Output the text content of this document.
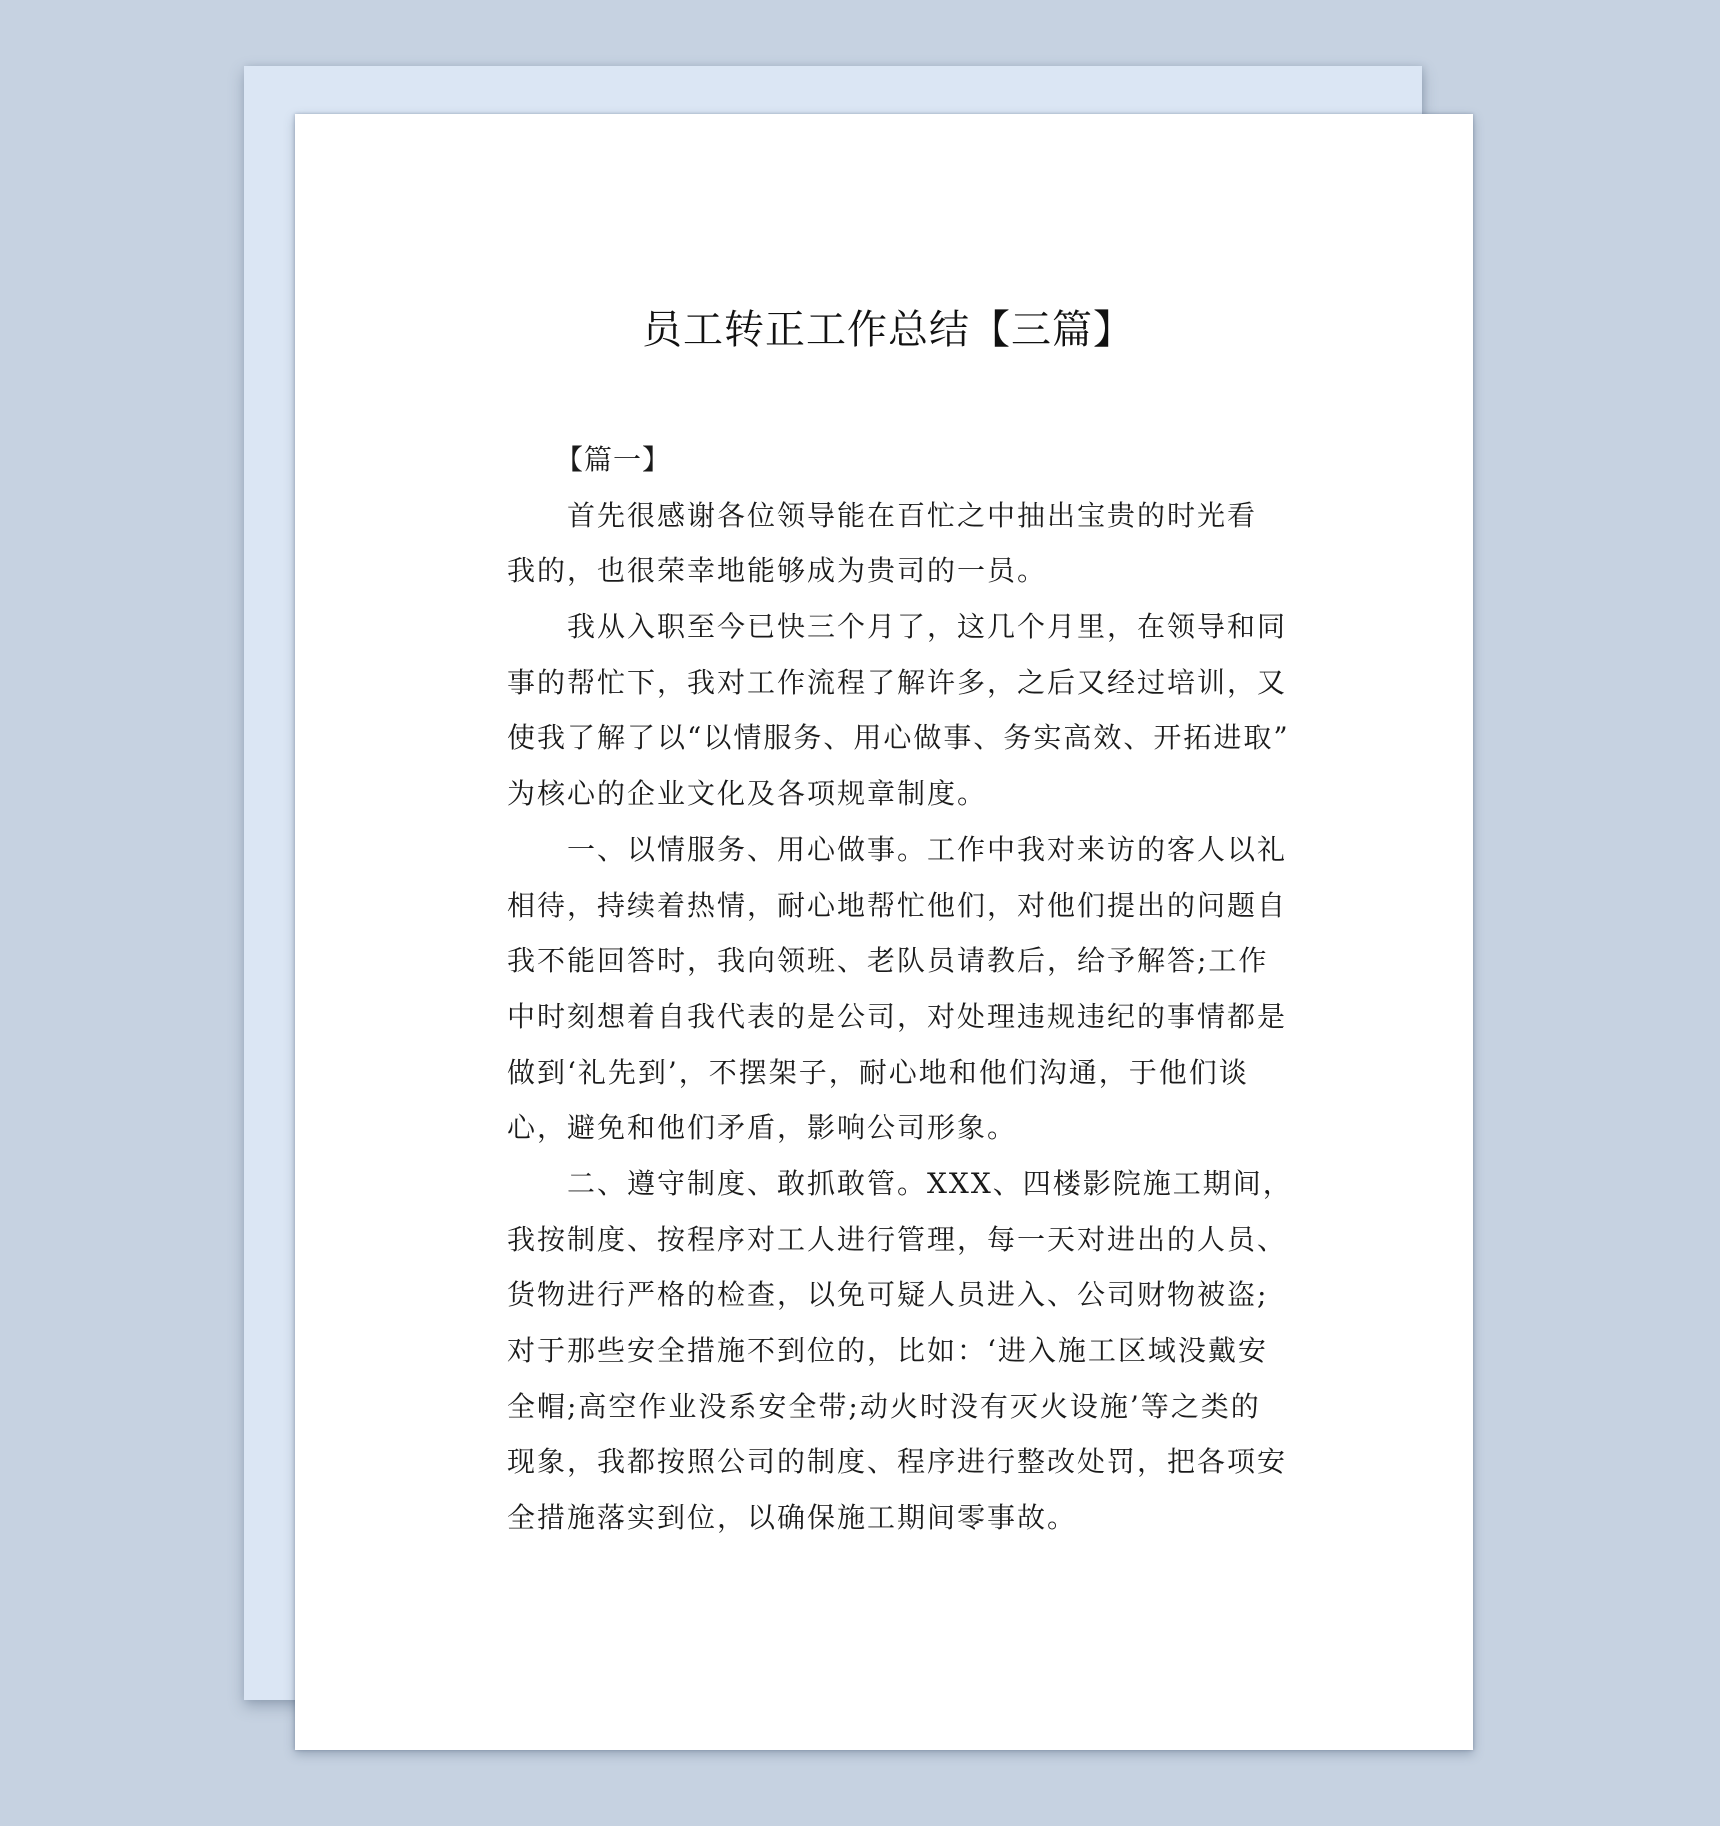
员工转正工作总结【三篇】
【篇一】
首先很感谢各位领导能在百忙之中抽出宝贵的时光看
我的，也很荣幸地能够成为贵司的一员。
我从入职至今已快三个月了，这几个月里，在领导和同
事的帮忙下，我对工作流程了解许多，之后又经过培训，又
使我了解了以“以情服务、用心做事、务实高效、开拓进取”
为核心的企业文化及各项规章制度。
一、以情服务、用心做事。工作中我对来访的客人以礼
相待，持续着热情，耐心地帮忙他们，对他们提出的问题自
我不能回答时，我向领班、老队员请教后，给予解答;工作
中时刻想着自我代表的是公司，对处理违规违纪的事情都是
做到‘礼先到’，不摆架子，耐心地和他们沟通，于他们谈
心，避免和他们矛盾，影响公司形象。
二、遵守制度、敢抓敢管。XXX、四楼影院施工期间，
我按制度、按程序对工人进行管理，每一天对进出的人员、
货物进行严格的检查，以免可疑人员进入、公司财物被盗;
对于那些安全措施不到位的，比如：‘进入施工区域没戴安
全帽;高空作业没系安全带;动火时没有灭火设施’等之类的
现象，我都按照公司的制度、程序进行整改处罚，把各项安
全措施落实到位，以确保施工期间零事故。
